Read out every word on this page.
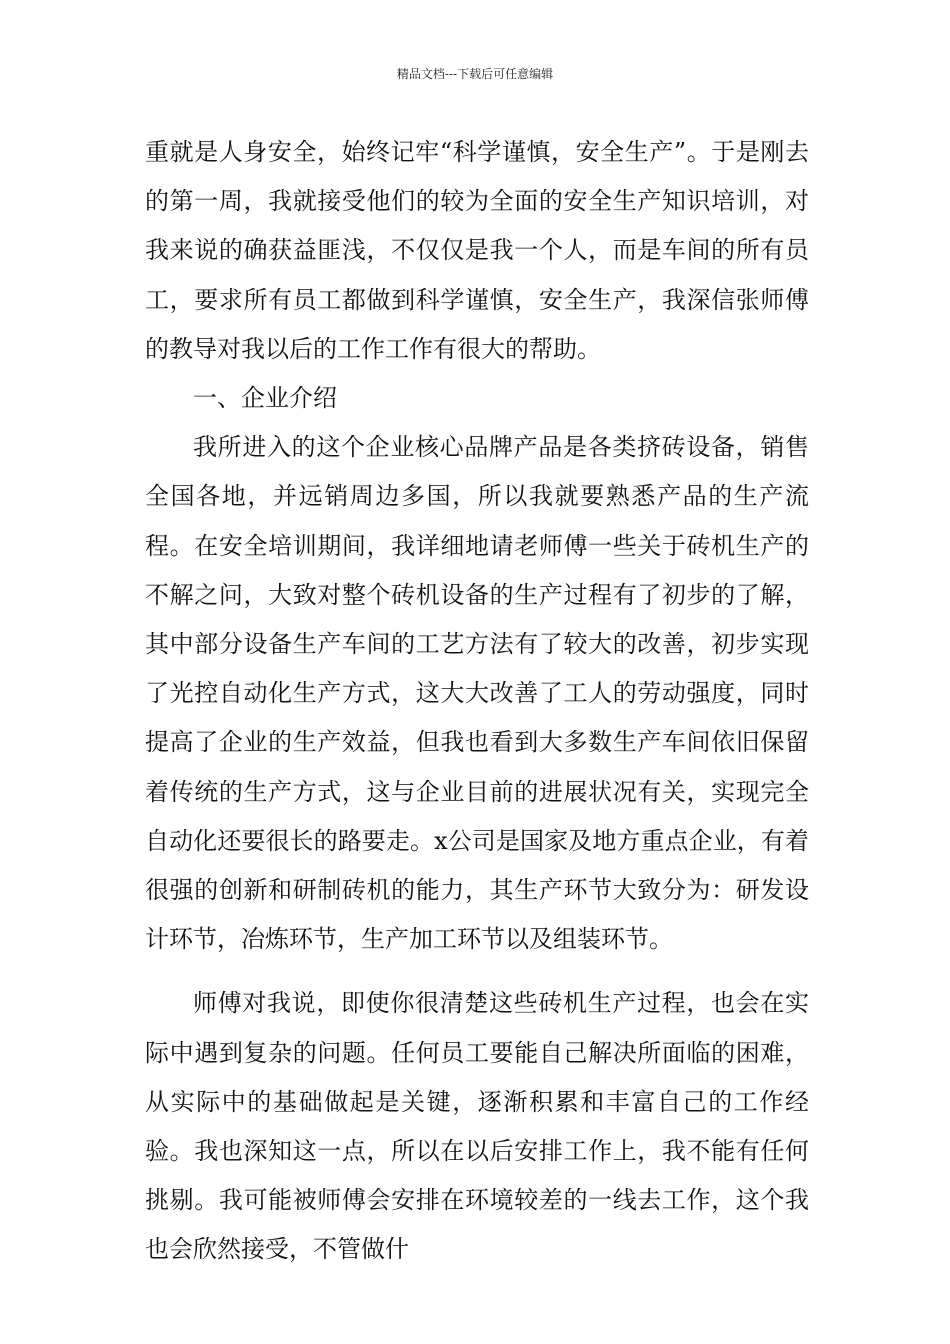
精品文档---下载后可任意编辑

重就是人身安全，始终记牢“科学谨慎，安全生产”。于是刚去的第一周，我就接受他们的较为全面的安全生产知识培训，对我来说的确获益匪浅，不仅仅是我一个人，而是车间的所有员工，要求所有员工都做到科学谨慎，安全生产，我深信张师傅的教导对我以后的工作工作有很大的帮助。

一、企业介绍

我所进入的这个企业核心品牌产品是各类挤砖设备，销售全国各地，并远销周边多国，所以我就要熟悉产品的生产流程。在安全培训期间，我详细地请老师傅一些关于砖机生产的不解之问，大致对整个砖机设备的生产过程有了初步的了解，其中部分设备生产车间的工艺方法有了较大的改善，初步实现了光控自动化生产方式，这大大改善了工人的劳动强度，同时提高了企业的生产效益，但我也看到大多数生产车间依旧保留着传统的生产方式，这与企业目前的进展状况有关，实现完全自动化还要很长的路要走。x公司是国家及地方重点企业，有着很强的创新和研制砖机的能力，其生产环节大致分为：研发设计环节，冶炼环节，生产加工环节以及组装环节。

师傅对我说，即使你很清楚这些砖机生产过程，也会在实际中遇到复杂的问题。任何员工要能自己解决所面临的困难，从实际中的基础做起是关键，逐渐积累和丰富自己的工作经验。我也深知这一点，所以在以后安排工作上，我不能有任何挑剔。我可能被师傅会安排在环境较差的一线去工作，这个我也会欣然接受，不管做什
